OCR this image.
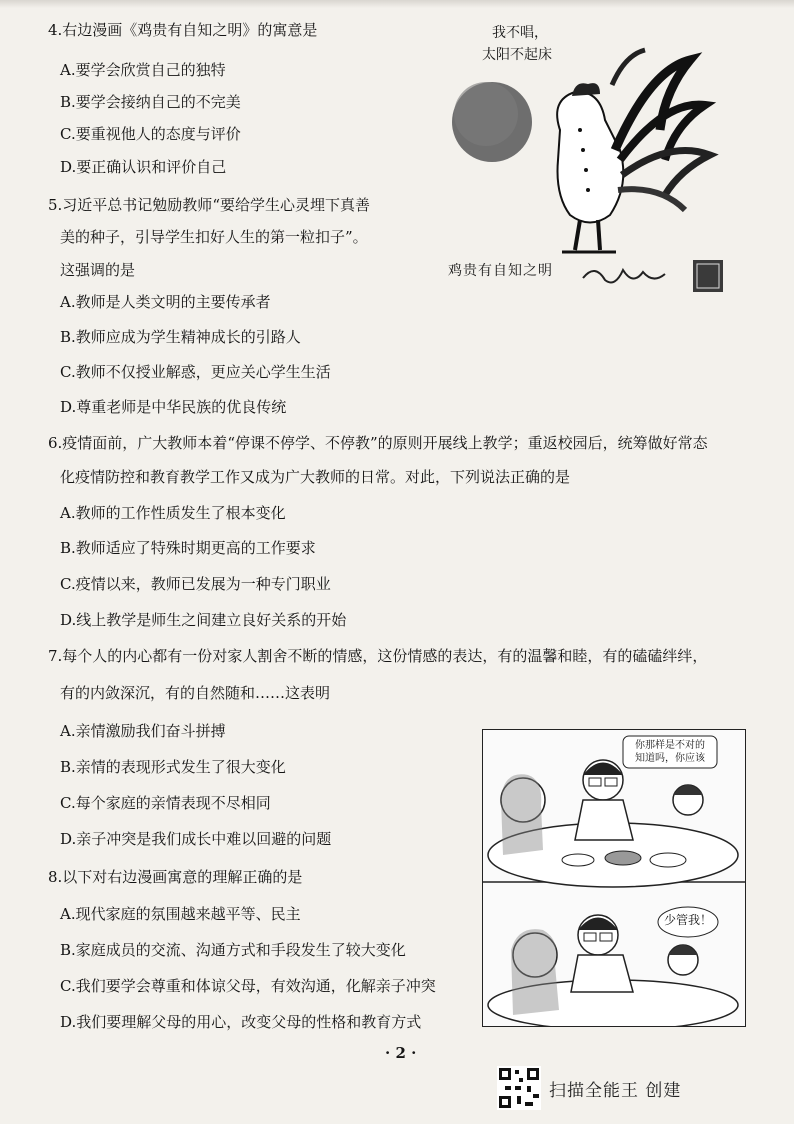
4.右边漫画《鸡贵有自知之明》的寓意是
A.要学会欣赏自己的独特
B.要学会接纳自己的不完美
C.要重视他人的态度与评价
D.要正确认识和评价自己
5.习近平总书记勉励教师“要给学生心灵埋下真善
美的种子，引导学生扣好人生的第一粒扣子”。
这强调的是
A.教师是人类文明的主要传承者
B.教师应成为学生精神成长的引路人
C.教师不仅授业解惑，更应关心学生生活
D.尊重老师是中华民族的优良传统
6.疫情面前，广大教师本着“停课不停学、不停教”的原则开展线上教学；重返校园后，统筹做好常态
化疫情防控和教育教学工作又成为广大教师的日常。对此，下列说法正确的是
A.教师的工作性质发生了根本变化
B.教师适应了特殊时期更高的工作要求
C.疫情以来，教师已发展为一种专门职业
D.线上教学是师生之间建立良好关系的开始
7.每个人的内心都有一份对家人割舍不断的情感，这份情感的表达，有的温馨和睦，有的磕磕绊绊，
有的内敛深沉，有的自然随和……这表明
A.亲情激励我们奋斗拼搏
B.亲情的表现形式发生了很大变化
C.每个家庭的亲情表现不尽相同
D.亲子冲突是我们成长中难以回避的问题
8.以下对右边漫画寓意的理解正确的是
A.现代家庭的氛围越来越平等、民主
B.家庭成员的交流、沟通方式和手段发生了较大变化
C.我们要学会尊重和体谅父母，有效沟通，化解亲子冲突
D.我们要理解父母的用心，改变父母的性格和教育方式
我不唱，
太阳不起床
鸡贵有自知之明
你那样是不对的
知道吗，你应该
少管我！
· 2 ·
扫描全能王 创建
